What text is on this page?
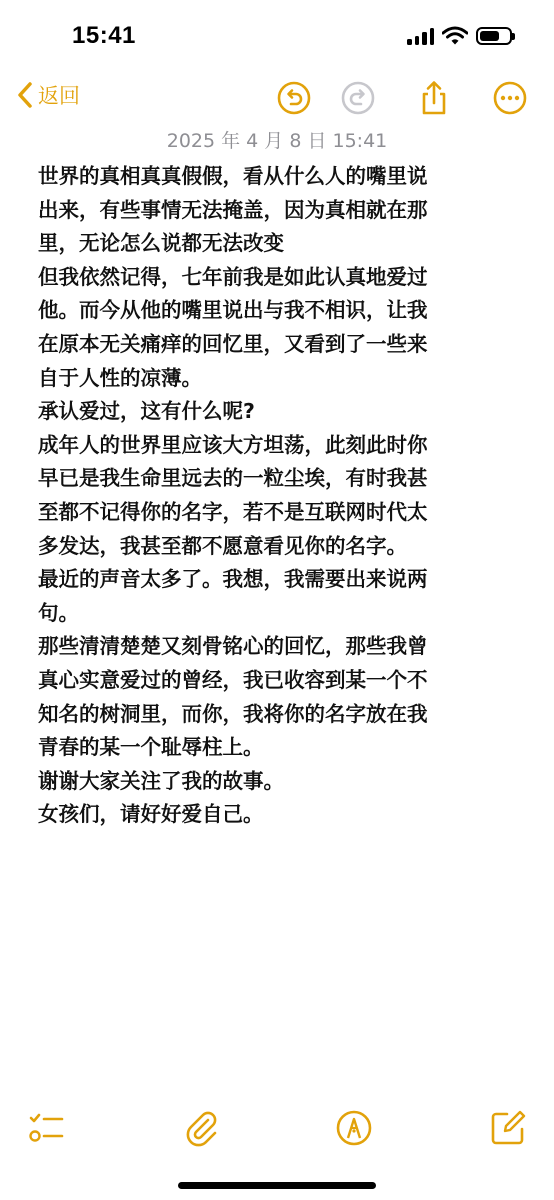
15:41
返回
2025 年 4 月 8 日 15:41
世界的真相真真假假，看从什么人的嘴里说
出来，有些事情无法掩盖，因为真相就在那
里，无论怎么说都无法改变
但我依然记得，七年前我是如此认真地爱过
他。而今从他的嘴里说出与我不相识，让我
在原本无关痛痒的回忆里，又看到了一些来
自于人性的凉薄。
承认爱过，这有什么呢?
成年人的世界里应该大方坦荡，此刻此时你
早已是我生命里远去的一粒尘埃，有时我甚
至都不记得你的名字，若不是互联网时代太
多发达，我甚至都不愿意看见你的名字。
最近的声音太多了。我想，我需要出来说两
句。
那些清清楚楚又刻骨铭心的回忆，那些我曾
真心实意爱过的曾经，我已收容到某一个不
知名的树洞里，而你，我将你的名字放在我
青春的某一个耻辱柱上。
谢谢大家关注了我的故事。
女孩们，请好好爱自己。
